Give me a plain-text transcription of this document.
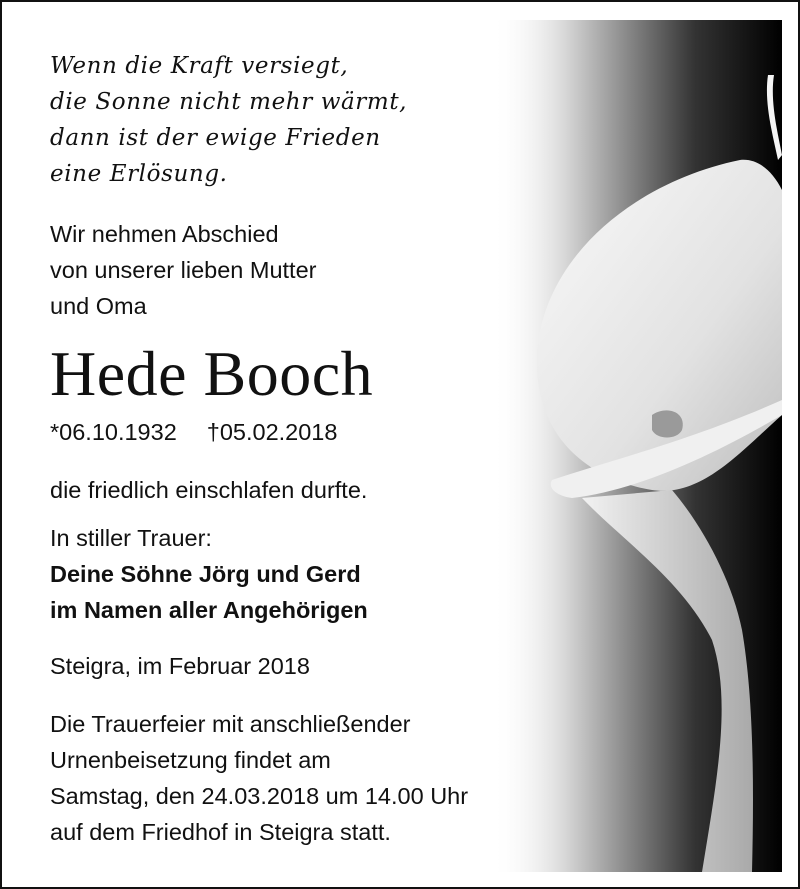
Wenn die Kraft versiegt,
die Sonne nicht mehr wärmt,
dann ist der ewige Frieden
eine Erlösung.
Wir nehmen Abschied
von unserer lieben Mutter
und Oma
Hede Booch
*06.10.1932 †05.02.2018
die friedlich einschlafen durfte.
In stiller Trauer:
Deine Söhne Jörg und Gerd
im Namen aller Angehörigen
Steigra, im Februar 2018
Die Trauerfeier mit anschließender
Urnenbeisetzung findet am
Samstag, den 24.03.2018 um 14.00 Uhr
auf dem Friedhof in Steigra statt.
